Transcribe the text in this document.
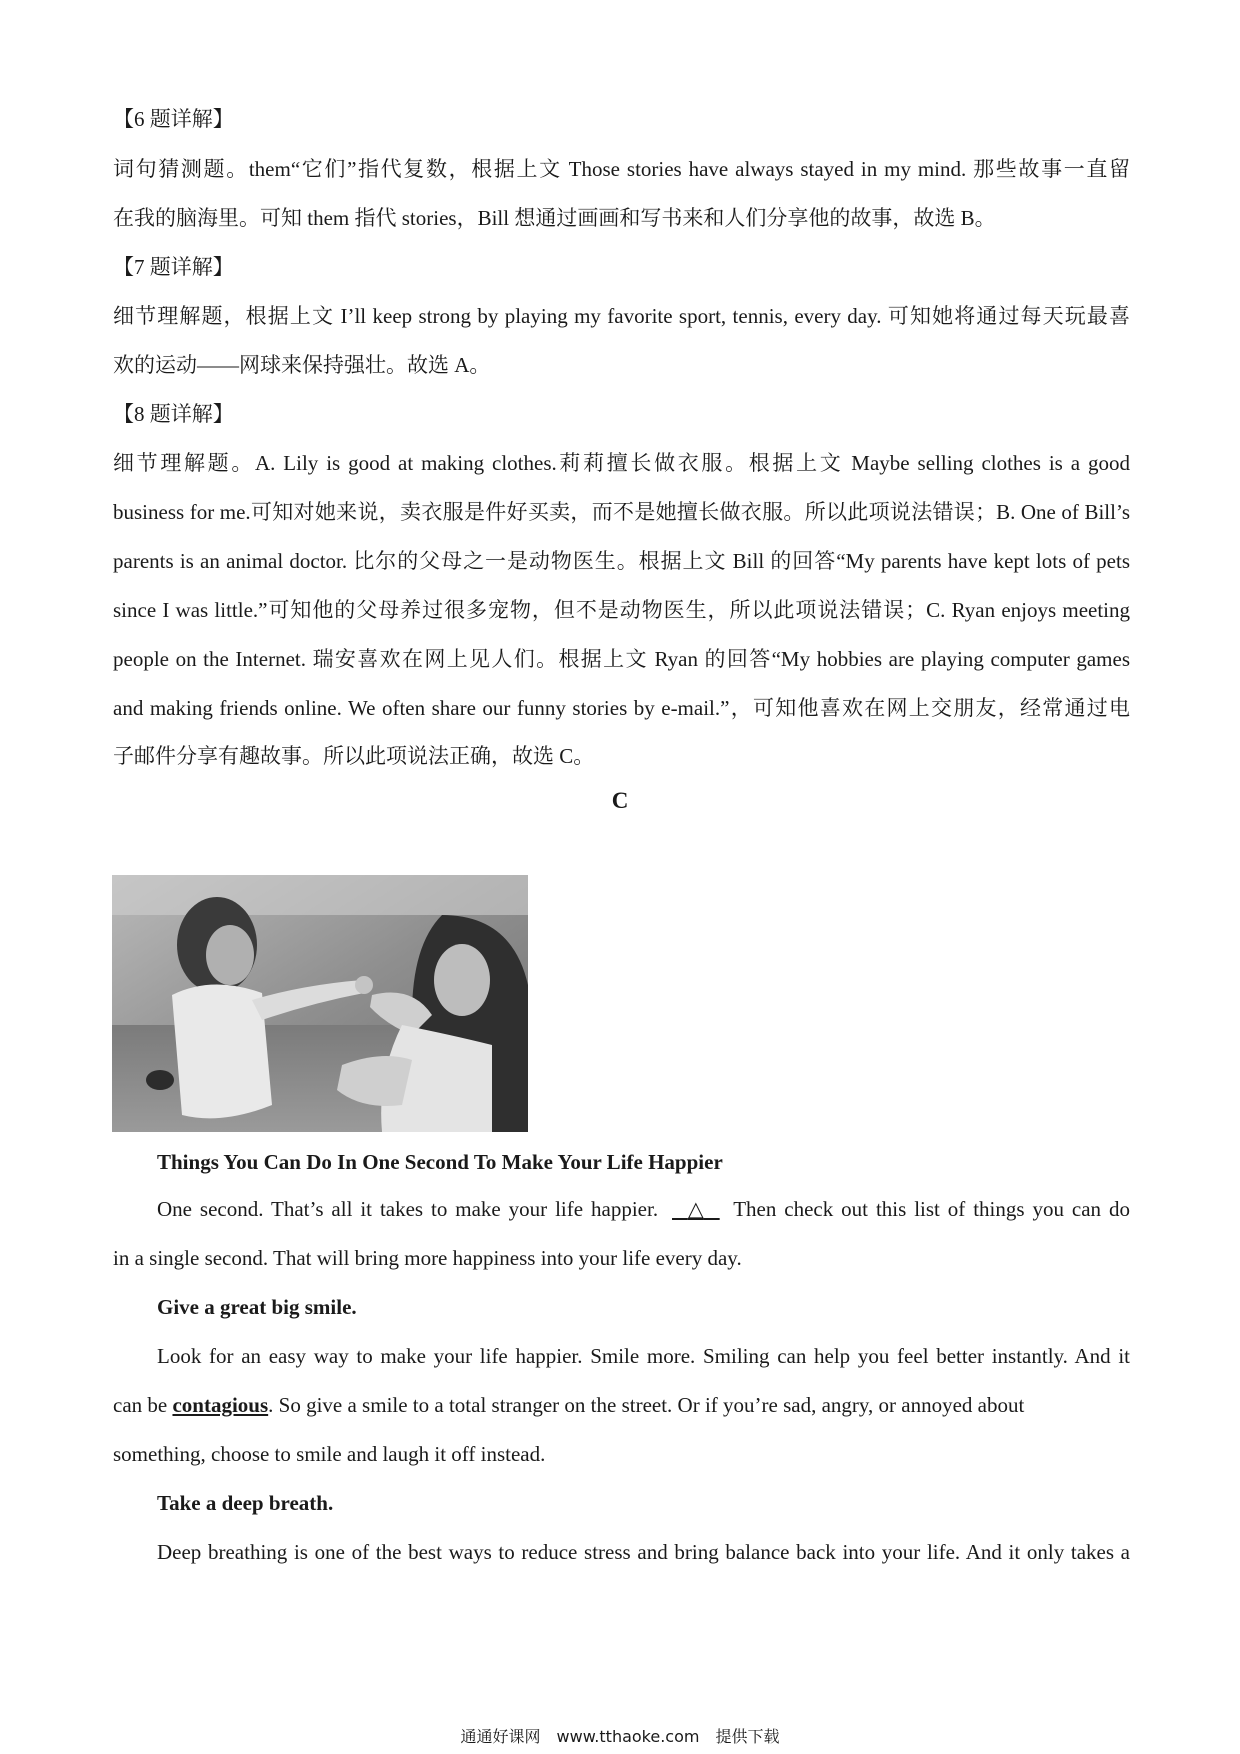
【6 题详解】
词句猜测题。them“它们”指代复数，根据上文 Those stories have always stayed in my mind. 那些故事一直留
在我的脑海里。可知 them 指代 stories，Bill 想通过画画和写书来和人们分享他的故事，故选 B。
【7 题详解】
细节理解题，根据上文 I’ll keep strong by playing my favorite sport, tennis, every day. 可知她将通过每天玩最喜
欢的运动——网球来保持强壮。故选 A。
【8 题详解】
细节理解题。A. Lily is good at making clothes.莉莉擅长做衣服。根据上文 Maybe selling clothes is a good
business for me.可知对她来说，卖衣服是件好买卖，而不是她擅长做衣服。所以此项说法错误；B. One of Bill’s
parents is an animal doctor. 比尔的父母之一是动物医生。根据上文 Bill 的回答“My parents have kept lots of pets
since I was little.”可知他的父母养过很多宠物，但不是动物医生，所以此项说法错误；C. Ryan enjoys meeting
people on the Internet. 瑞安喜欢在网上见人们。根据上文 Ryan 的回答“My hobbies are playing computer games
and making friends online. We often share our funny stories by e-mail.”，可知他喜欢在网上交朋友，经常通过电
子邮件分享有趣故事。所以此项说法正确，故选 C。
C
Things You Can Do In One Second To Make Your Life Happier
One second. That’s all it takes to make your life happier. △ Then check out this list of things you can do
in a single second. That will bring more happiness into your life every day.
Give a great big smile.
Look for an easy way to make your life happier. Smile more. Smiling can help you feel better instantly. And it
can be contagious. So give a smile to a total stranger on the street. Or if you’re sad, angry, or annoyed about
something, choose to smile and laugh it off instead.
Take a deep breath.
Deep breathing is one of the best ways to reduce stress and bring balance back into your life. And it only takes a
通通好课网 www.tthaoke.com 提供下载
